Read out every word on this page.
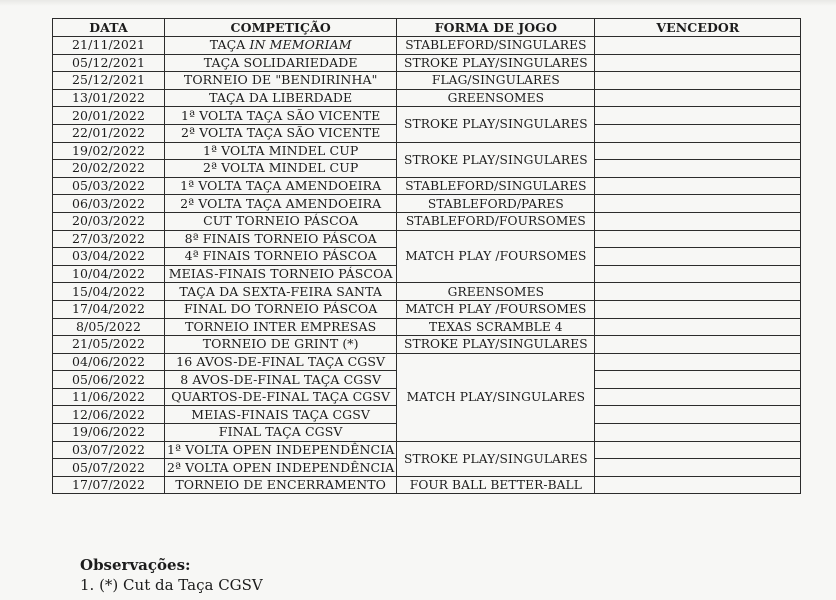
DATA	COMPETIÇÃO	FORMA DE JOGO	VENCEDOR
21/11/2021	TAÇA IN MEMORIAM	STABLEFORD/SINGULARES	
05/12/2021	TAÇA SOLIDARIEDADE	STROKE PLAY/SINGULARES	
25/12/2021	TORNEIO DE "BENDIRINHA"	FLAG/SINGULARES	
13/01/2022	TAÇA DA LIBERDADE	GREENSOMES	
20/01/2022	1ª VOLTA TAÇA SÃO VICENTE	STROKE PLAY/SINGULARES	
22/01/2022	2ª VOLTA TAÇA SÃO VICENTE		
19/02/2022	1ª VOLTA MINDEL CUP	STROKE PLAY/SINGULARES	
20/02/2022	2ª VOLTA MINDEL CUP		
05/03/2022	1ª VOLTA TAÇA AMENDOEIRA	STABLEFORD/SINGULARES	
06/03/2022	2ª VOLTA TAÇA AMENDOEIRA	STABLEFORD/PARES	
20/03/2022	CUT TORNEIO PÁSCOA	STABLEFORD/FOURSOMES	
27/03/2022	8ª FINAIS TORNEIO PÁSCOA	MATCH PLAY /FOURSOMES	
03/04/2022	4ª FINAIS TORNEIO PÁSCOA		
10/04/2022	MEIAS-FINAIS TORNEIO PÁSCOA		
15/04/2022	TAÇA DA SEXTA-FEIRA SANTA	GREENSOMES	
17/04/2022	FINAL DO TORNEIO PÁSCOA	MATCH PLAY /FOURSOMES	
8/05/2022	TORNEIO INTER EMPRESAS	TEXAS SCRAMBLE 4	
21/05/2022	TORNEIO DE GRINT (*)	STROKE PLAY/SINGULARES	
04/06/2022	16 AVOS-DE-FINAL TAÇA CGSV	MATCH PLAY/SINGULARES	
05/06/2022	8 AVOS-DE-FINAL TAÇA CGSV		
11/06/2022	QUARTOS-DE-FINAL TAÇA CGSV		
12/06/2022	MEIAS-FINAIS TAÇA CGSV		
19/06/2022	FINAL TAÇA CGSV		
03/07/2022	1ª VOLTA OPEN INDEPENDÊNCIA	STROKE PLAY/SINGULARES	
05/07/2022	2ª VOLTA OPEN INDEPENDÊNCIA		
17/07/2022	TORNEIO DE ENCERRAMENTO	FOUR BALL BETTER-BALL	

Observações:

1. (*) Cut da Taça CGSV
